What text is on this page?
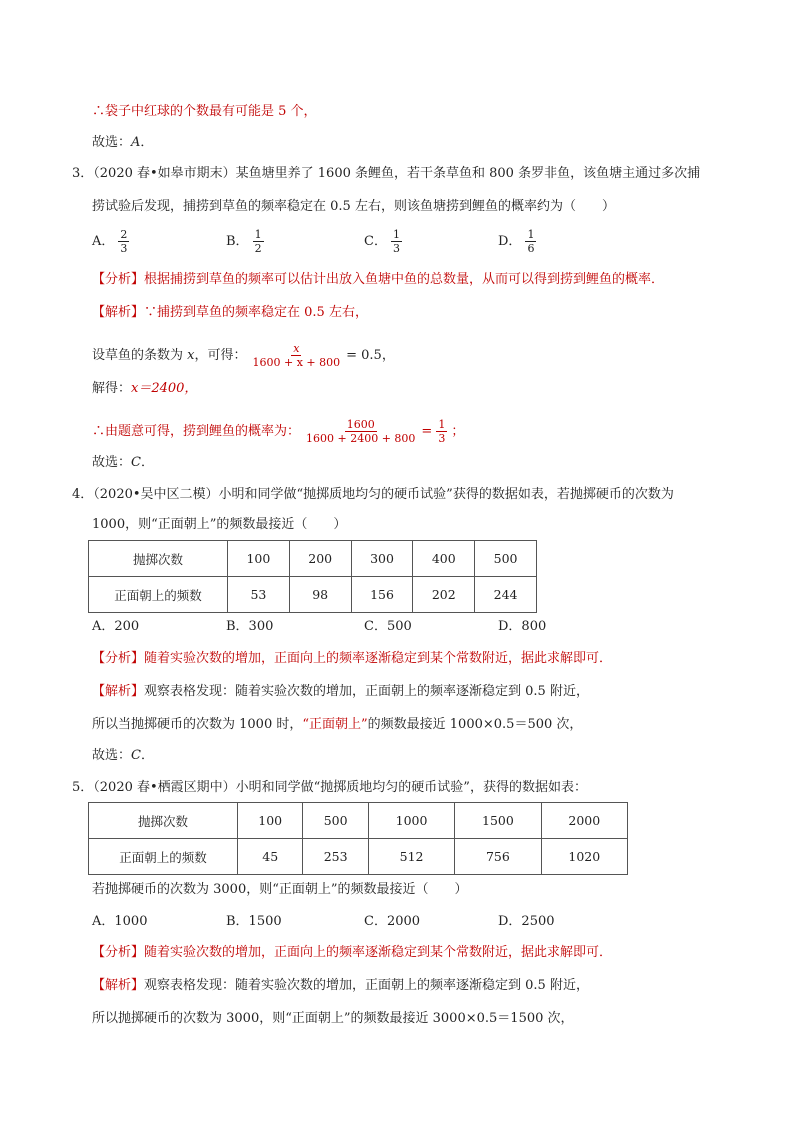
∴袋子中红球的个数最有可能是 5 个，
故选：A．
3．（2020 春•如皋市期末）某鱼塘里养了 1600 条鲤鱼，若干条草鱼和 800 条罗非鱼，该鱼塘主通过多次捕
捞试验后发现，捕捞到草鱼的频率稳定在 0.5 左右，则该鱼塘捞到鲤鱼的概率约为（　　）
A． $\frac{2}{3}$	B． $\frac{1}{2}$	C． $\frac{1}{3}$	D． $\frac{1}{6}$
【分析】根据捕捞到草鱼的频率可以估计出放入鱼塘中鱼的总数量，从而可以得到捞到鲤鱼的概率．
【解析】∵捕捞到草鱼的频率稳定在 0.5 左右，
设草鱼的条数为 x，可得： $\frac{x}{1600 + x + 800} = 0.5$，
解得：x＝2400，
∴由题意可得，捞到鲤鱼的概率为： $\frac{1600}{1600 + 2400 + 800} = \frac{1}{3}$ ；
故选：C．
4．（2020•吴中区二模）小明和同学做“抛掷质地均匀的硬币试验”获得的数据如表，若抛掷硬币的次数为
1000，则“正面朝上”的频数最接近（　　）
抛掷次数	100	200	300	400	500
正面朝上的频数	53	98	156	202	244
A．200	B．300	C．500	D．800
【分析】随着实验次数的增加，正面向上的频率逐渐稳定到某个常数附近，据此求解即可．
【解析】观察表格发现：随着实验次数的增加，正面朝上的频率逐渐稳定到 0.5 附近，
所以当抛掷硬币的次数为 1000 时，“正面朝上”的频数最接近 1000×0.5＝500 次，
故选：C．
5．（2020 春•栖霞区期中）小明和同学做“抛掷质地均匀的硬币试验”，获得的数据如表：
抛掷次数	100	500	1000	1500	2000
正面朝上的频数	45	253	512	756	1020
若抛掷硬币的次数为 3000，则“正面朝上”的频数最接近（　　）
A．1000	B．1500	C．2000	D．2500
【分析】随着实验次数的增加，正面向上的频率逐渐稳定到某个常数附近，据此求解即可．
【解析】观察表格发现：随着实验次数的增加，正面朝上的频率逐渐稳定到 0.5 附近，
所以抛掷硬币的次数为 3000，则“正面朝上”的频数最接近 3000×0.5＝1500 次，
